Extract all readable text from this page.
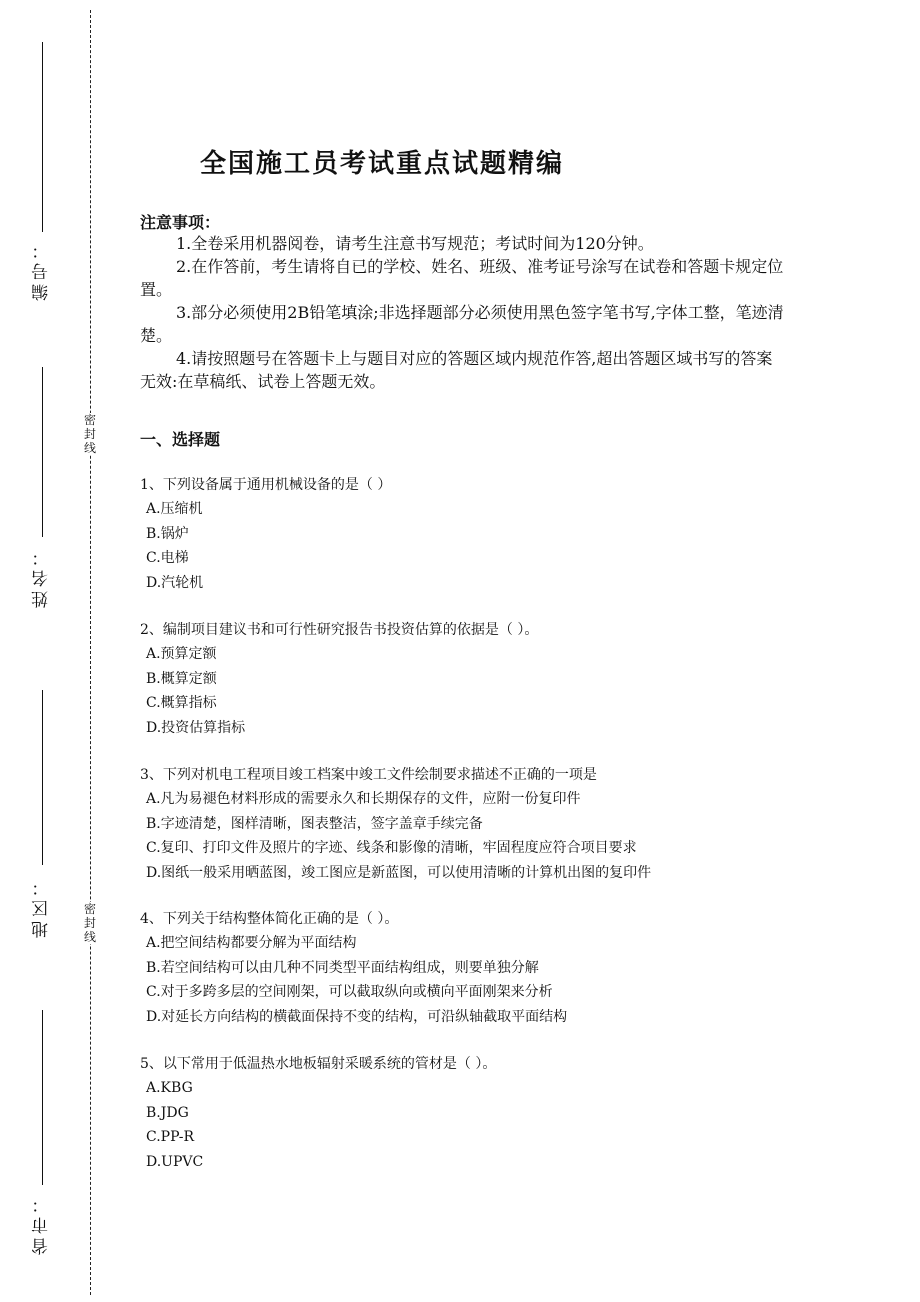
密
封
线
密
封
线
编号：
姓名：
地区：
省市：
全国施工员考试重点试题精编
注意事项：

1.全卷采用机器阅卷，请考生注意书写规范；考试时间为120分钟。

2.在作答前，考生请将自已的学校、姓名、班级、准考证号涂写在试卷和答题卡规定位置。

3.部分必须使用2B铅笔填涂;非选择题部分必须使用黑色签字笔书写,字体工整，笔迹清楚。

4.请按照题号在答题卡上与题目对应的答题区域内规范作答,超出答题区域书写的答案无效:在草稿纸、试卷上答题无效。

一、选择题
1、下列设备属于通用机械设备的是（ ）
A.压缩机
B.锅炉
C.电梯
D.汽轮机
2、编制项目建议书和可行性研究报告书投资估算的依据是（ ）。
A.预算定额
B.概算定额
C.概算指标
D.投资估算指标
3、下列对机电工程项目竣工档案中竣工文件绘制要求描述不正确的一项是
A.凡为易褪色材料形成的需要永久和长期保存的文件，应附一份复印件
B.字迹清楚，图样清晰，图表整洁，签字盖章手续完备
C.复印、打印文件及照片的字迹、线条和影像的清晰，牢固程度应符合项目要求
D.图纸一般采用晒蓝图，竣工图应是新蓝图，可以使用清晰的计算机出图的复印件
4、下列关于结构整体简化正确的是（ ）。
A.把空间结构都要分解为平面结构
B.若空间结构可以由几种不同类型平面结构组成，则要单独分解
C.对于多跨多层的空间刚架，可以截取纵向或横向平面刚架来分析
D.对延长方向结构的横截面保持不变的结构，可沿纵轴截取平面结构
5、以下常用于低温热水地板辐射采暖系统的管材是（ ）。
A.KBG
B.JDG
C.PP-R
D.UPVC
